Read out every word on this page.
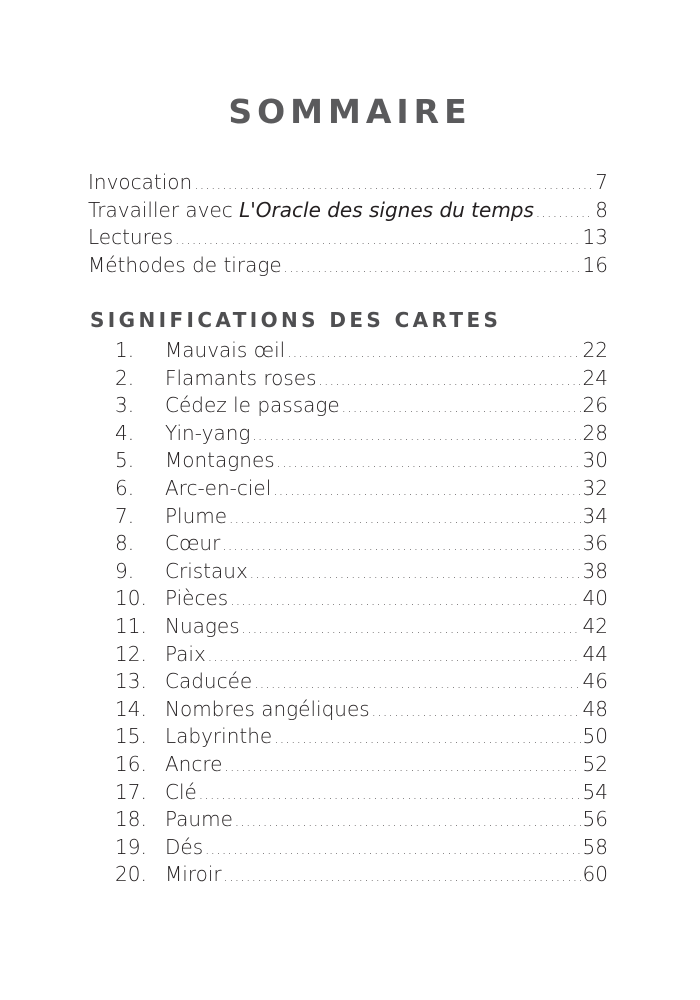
SOMMAIRE
Invocation .....	7
Travailler avec L'Oracle des signes du temps .....	8
Lectures .....	13
Méthodes de tirage .....	16
SIGNIFICATIONS DES CARTES
1.	Mauvais œil .....	22
2.	Flamants roses .....	24
3.	Cédez le passage .....	26
4.	Yin-yang .....	28
5.	Montagnes .....	30
6.	Arc-en-ciel .....	32
7.	Plume .....	34
8.	Cœur .....	36
9.	Cristaux .....	38
10. Pièces .....	40
11. Nuages .....	42
12. Paix .....	44
13. Caducée .....	46
14. Nombres angéliques .....	48
15. Labyrinthe .....	50
16. Ancre .....	52
17. Clé .....	54
18. Paume .....	56
19. Dés .....	58
20. Miroir .....	60
